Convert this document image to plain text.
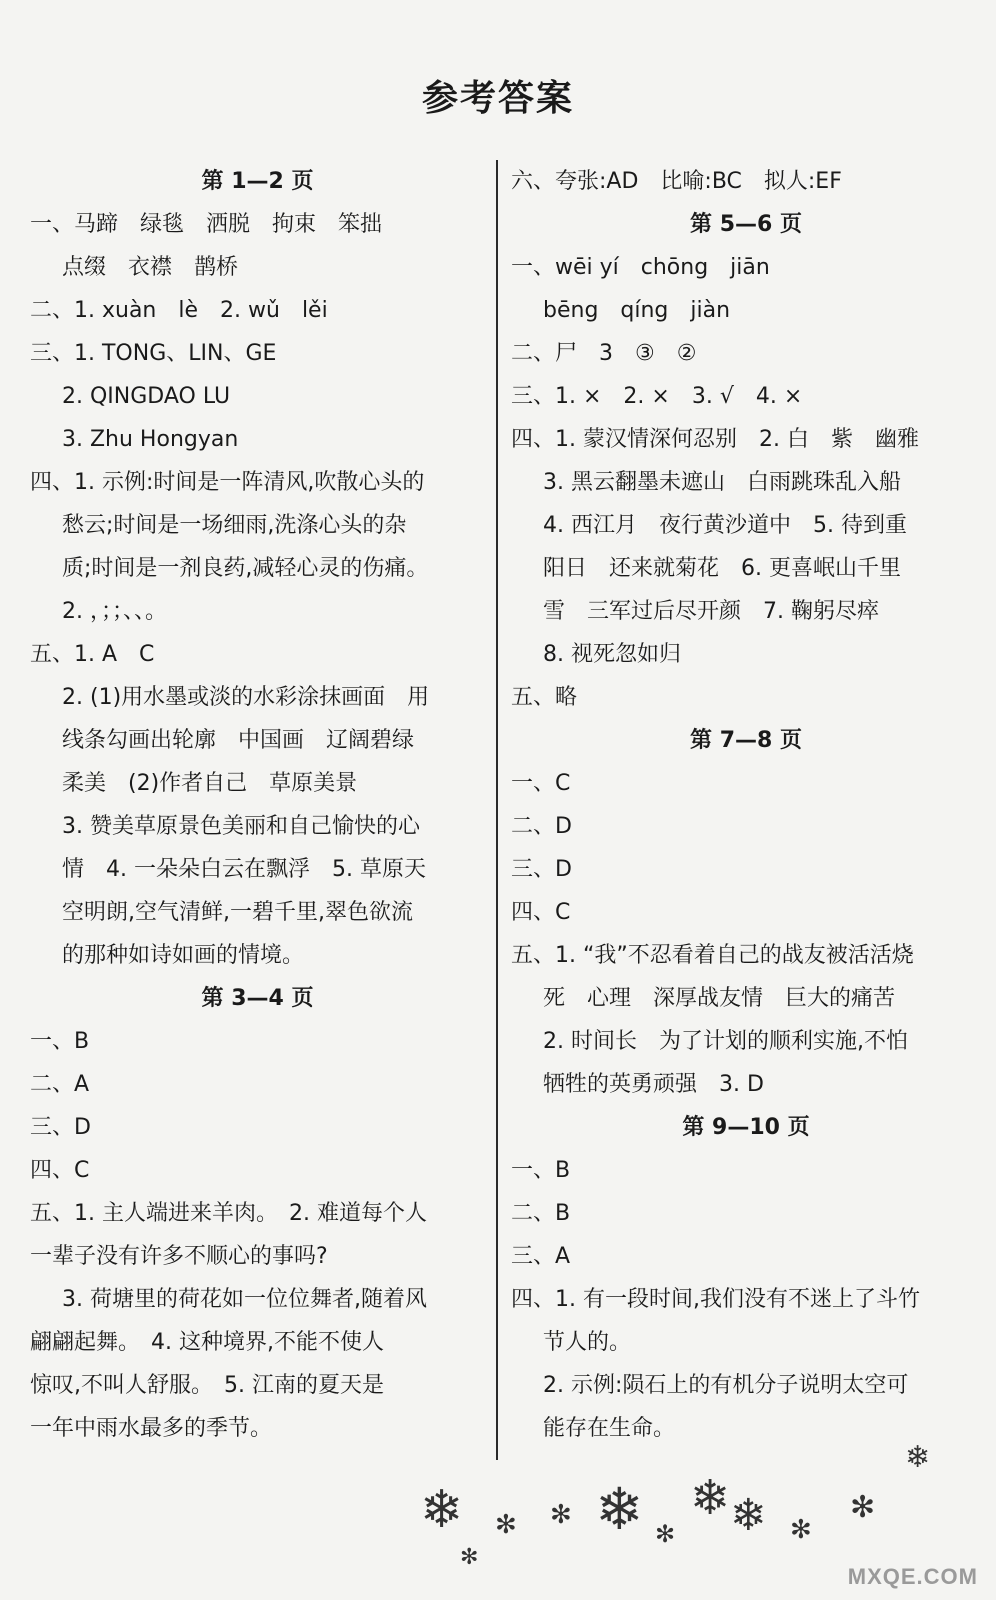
参考答案
第 1—2 页
一、马蹄　绿毯　洒脱　拘束　笨拙
点缀　衣襟　鹊桥
二、1. xuàn　lè　2. wǔ　lěi
三、1. TONG、LIN、GE
2. QINGDAO LU
3. Zhu Hongyan
四、1. 示例:时间是一阵清风,吹散心头的
愁云;时间是一场细雨,洗涤心头的杂
质;时间是一剂良药,减轻心灵的伤痛。
2. ，；；、、。
五、1. A　C
2. (1)用水墨或淡的水彩涂抹画面　用
线条勾画出轮廓　中国画　辽阔碧绿
柔美　(2)作者自己　草原美景
3. 赞美草原景色美丽和自己愉快的心
情　4. 一朵朵白云在飘浮　5. 草原天
空明朗,空气清鲜,一碧千里,翠色欲流
的那种如诗如画的情境。
第 3—4 页
一、B
二、A
三、D
四、C
五、1. 主人端进来羊肉。　2. 难道每个人
一辈子没有许多不顺心的事吗?
3. 荷塘里的荷花如一位位舞者,随着风
翩翩起舞。　4. 这种境界,不能不使人
惊叹,不叫人舒服。　5. 江南的夏天是
一年中雨水最多的季节。
六、夸张:AD　比喻:BC　拟人:EF
第 5—6 页
一、wēi yí　chōng　jiān
bēng　qíng　jiàn
二、尸　3　③　②
三、1. ×　2. ×　3. √　4. ×
四、1. 蒙汉情深何忍别　2. 白　紫　幽雅
3. 黑云翻墨未遮山　白雨跳珠乱入船
4. 西江月　夜行黄沙道中　5. 待到重
阳日　还来就菊花　6. 更喜岷山千里
雪　三军过后尽开颜　7. 鞠躬尽瘁
8. 视死忽如归
五、略
第 7—8 页
一、C
二、D
三、D
四、C
五、1. “我”不忍看着自己的战友被活活烧
死　心理　深厚战友情　巨大的痛苦
2. 时间长　为了计划的顺利实施,不怕
牺牲的英勇顽强　3. D
第 9—10 页
一、B
二、B
三、A
四、1. 有一段时间,我们没有不迷上了斗竹
节人的。
2. 示例:陨石上的有机分子说明太空可
能存在生命。
❄ ✻
✻
✻ ❄ ✻
❄ ❄ ✻
✻
❄
MXQE.COM
